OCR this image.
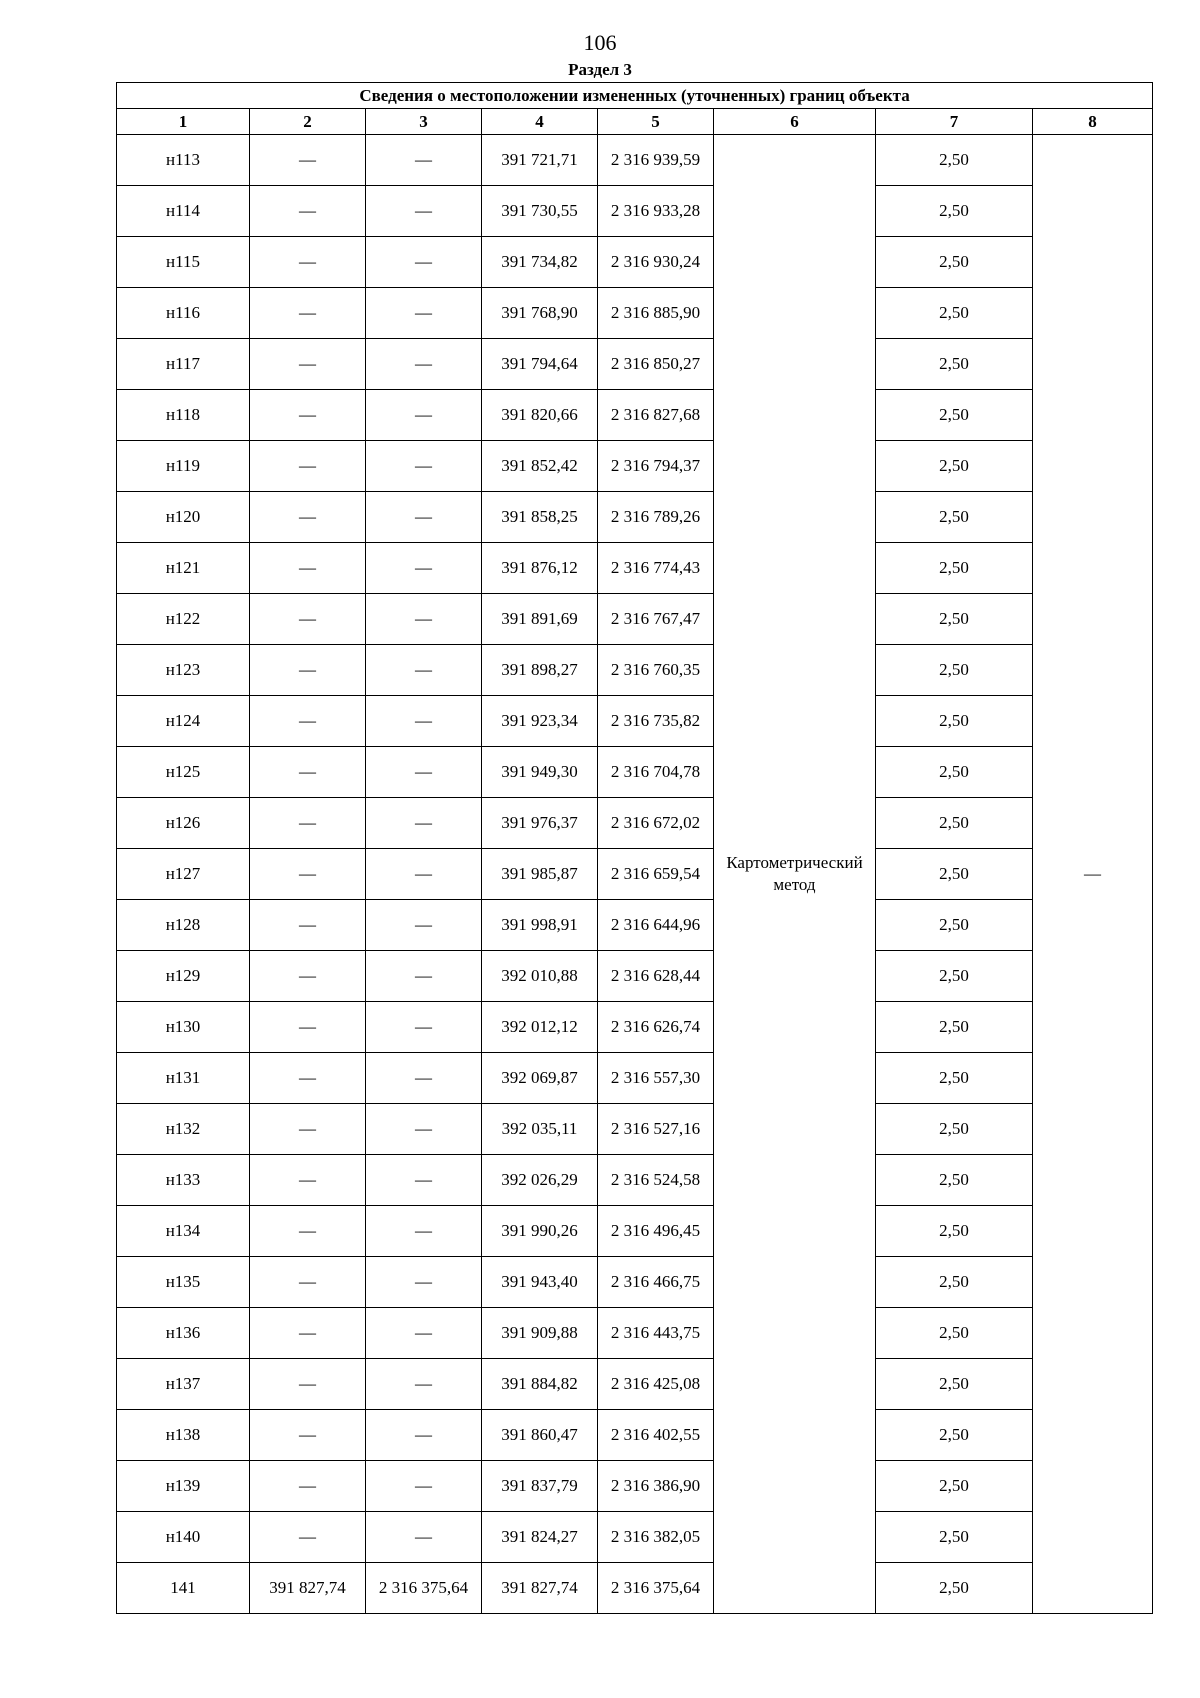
106
Раздел 3
Сведения о местоположении измененных (уточненных) границ объекта							
1	2	3	4	5	6	7	8
н113	—	—	391 721,71	2 316 939,59	Картометрический метод	2,50	—
н114	—	—	391 730,55	2 316 933,28		2,50	
н115	—	—	391 734,82	2 316 930,24		2,50	
н116	—	—	391 768,90	2 316 885,90		2,50	
н117	—	—	391 794,64	2 316 850,27		2,50	
н118	—	—	391 820,66	2 316 827,68		2,50	
н119	—	—	391 852,42	2 316 794,37		2,50	
н120	—	—	391 858,25	2 316 789,26		2,50	
н121	—	—	391 876,12	2 316 774,43		2,50	
н122	—	—	391 891,69	2 316 767,47		2,50	
н123	—	—	391 898,27	2 316 760,35		2,50	
н124	—	—	391 923,34	2 316 735,82		2,50	
н125	—	—	391 949,30	2 316 704,78		2,50	
н126	—	—	391 976,37	2 316 672,02		2,50	
н127	—	—	391 985,87	2 316 659,54		2,50	
н128	—	—	391 998,91	2 316 644,96		2,50	
н129	—	—	392 010,88	2 316 628,44		2,50	
н130	—	—	392 012,12	2 316 626,74		2,50	
н131	—	—	392 069,87	2 316 557,30		2,50	
н132	—	—	392 035,11	2 316 527,16		2,50	
н133	—	—	392 026,29	2 316 524,58		2,50	
н134	—	—	391 990,26	2 316 496,45		2,50	
н135	—	—	391 943,40	2 316 466,75		2,50	
н136	—	—	391 909,88	2 316 443,75		2,50	
н137	—	—	391 884,82	2 316 425,08		2,50	
н138	—	—	391 860,47	2 316 402,55		2,50	
н139	—	—	391 837,79	2 316 386,90		2,50	
н140	—	—	391 824,27	2 316 382,05		2,50	
141	391 827,74	2 316 375,64	391 827,74	2 316 375,64		2,50	
